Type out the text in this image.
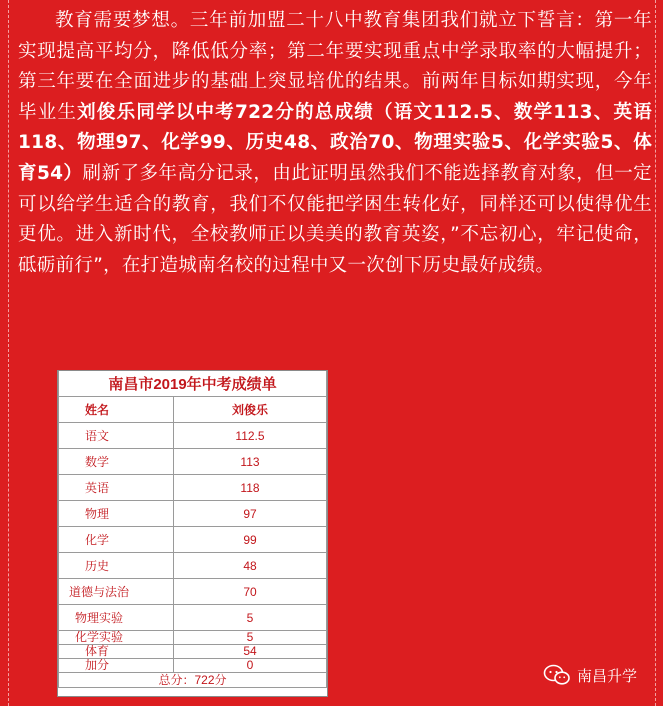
教育需要梦想。三年前加盟二十八中教育集团我们就立下誓言：第一年实现提高平均分，降低低分率；第二年要实现重点中学录取率的大幅提升；第三年要在全面进步的基础上突显培优的结果。前两年目标如期实现，今年毕业生刘俊乐同学以中考722分的总成绩（语文112.5、数学113、英语118、物理97、化学99、历史48、政治70、物理实验5、化学实验5、体育54）刷新了多年高分记录，由此证明虽然我们不能选择教育对象，但一定可以给学生适合的教育，我们不仅能把学困生转化好，同样还可以使得优生更优。进入新时代，全校教师正以美美的教育英姿，”不忘初心，牢记使命，砥砺前行”，在打造城南名校的过程中又一次创下历史最好成绩。

南昌市2019年中考成绩单	
姓名	刘俊乐
语文	112.5
数学	113
英语	118
物理	97
化学	99
历史	48
道德与法治	70
物理实验	5
化学实验	5
体育	54
加分	0
总分：722分		南昌升学
